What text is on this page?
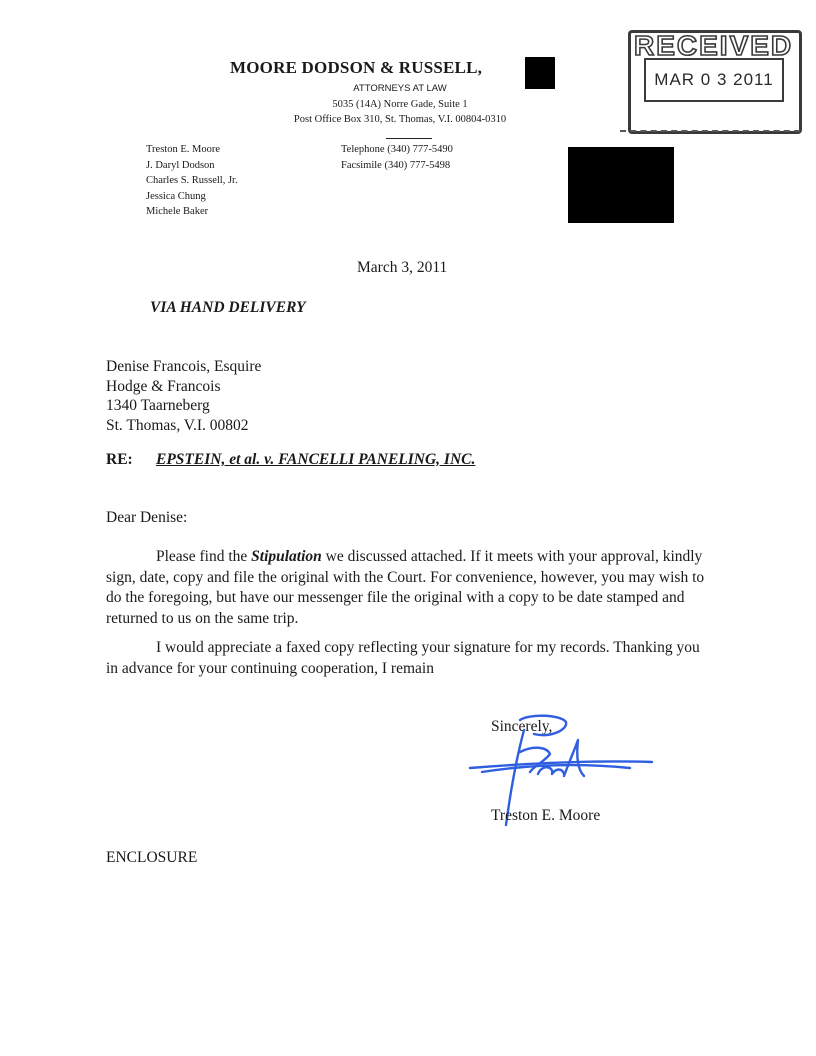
MOORE DODSON & RUSSELL,
ATTORNEYS AT LAW
5035 (14A) Norre Gade, Suite 1
Post Office Box 310, St. Thomas, V.I. 00804-0310
Treston E. Moore
J. Daryl Dodson
Charles S. Russell, Jr.
Jessica Chung
Michele Baker
Telephone (340) 777-5490
Facsimile (340) 777-5498
RECEIVED
MAR 0 3 2011
March 3, 2011
VIA HAND DELIVERY
Denise Francois, Esquire
Hodge & Francois
1340 Taarneberg
St. Thomas, V.I. 00802
RE: EPSTEIN, et al. v. FANCELLI PANELING, INC.
Dear Denise:
Please find the Stipulation we discussed attached. If it meets with your approval, kindly sign, date, copy and file the original with the Court. For convenience, however, you may wish to do the foregoing, but have our messenger file the original with a copy to be date stamped and returned to us on the same trip.
I would appreciate a faxed copy reflecting your signature for my records. Thanking you in advance for your continuing cooperation, I remain
Sincerely,
Treston E. Moore
ENCLOSURE
